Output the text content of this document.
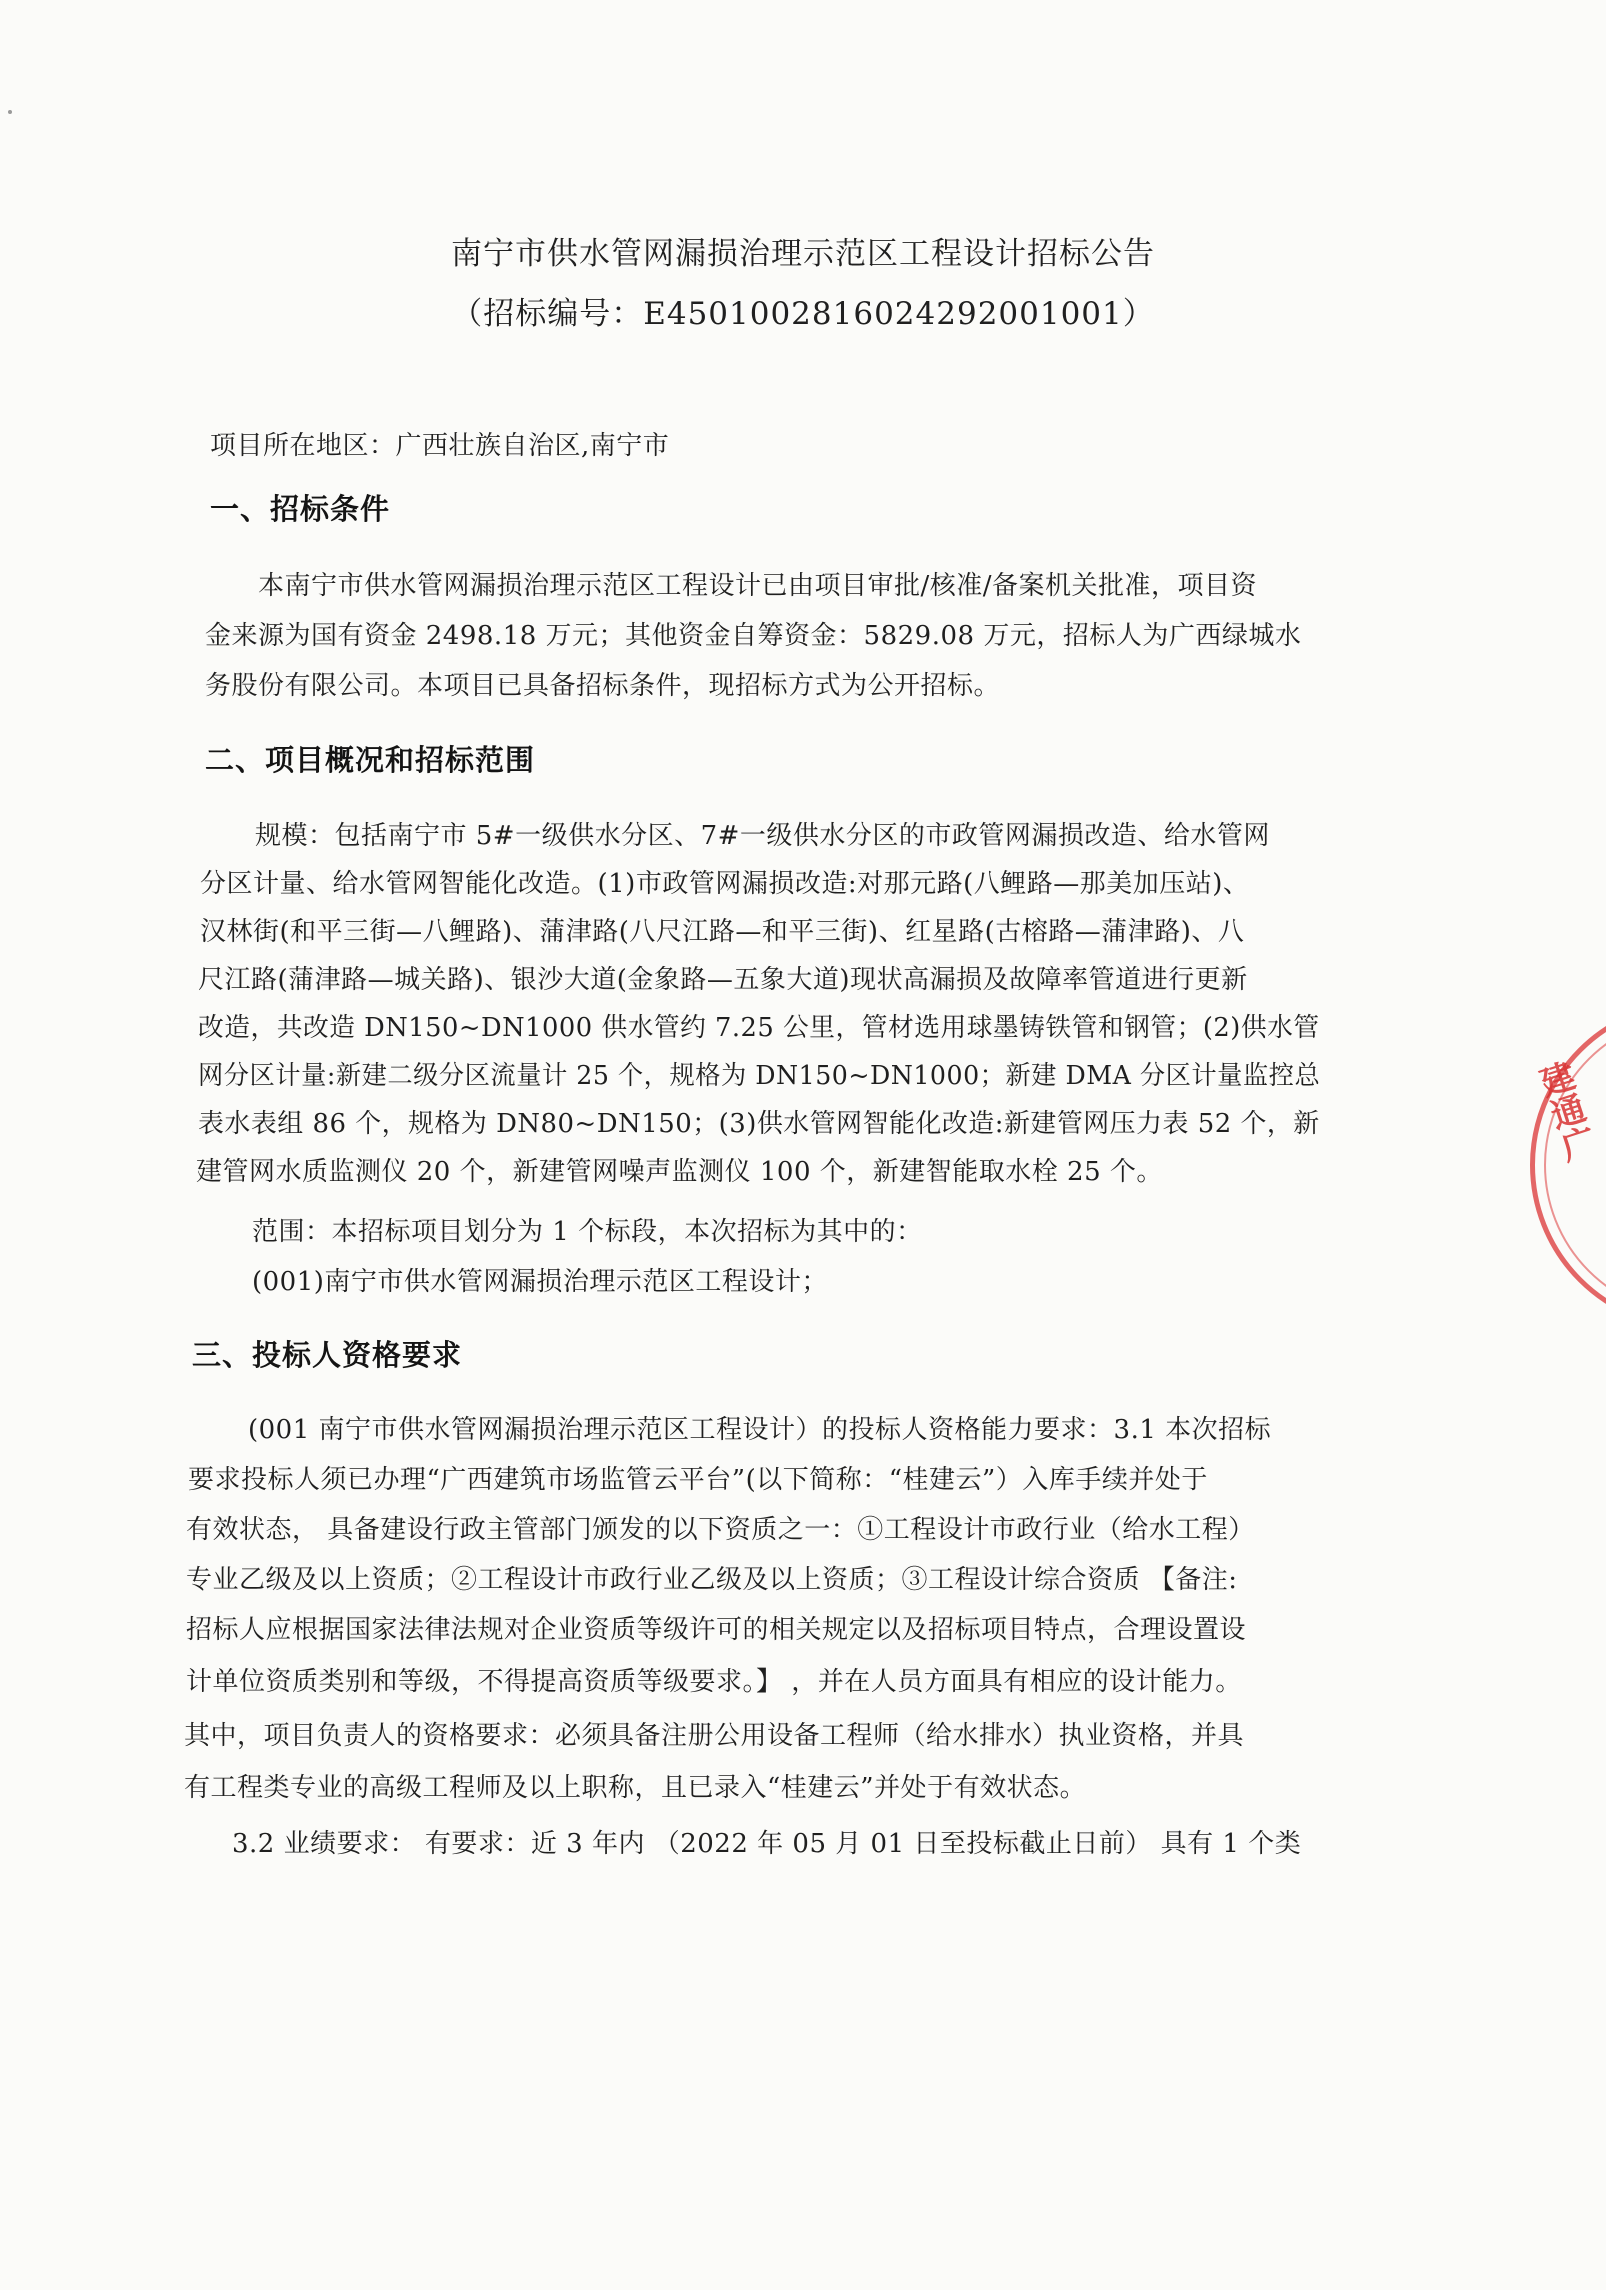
南宁市供水管网漏损治理示范区工程设计招标公告
（招标编号：E4501002816024292001001）
项目所在地区：广西壮族自治区,南宁市
一、招标条件
本南宁市供水管网漏损治理示范区工程设计已由项目审批/核准/备案机关批准，项目资
金来源为国有资金 2498.18 万元；其他资金自筹资金：5829.08 万元，招标人为广西绿城水
务股份有限公司。本项目已具备招标条件，现招标方式为公开招标。
二、项目概况和招标范围
规模：包括南宁市 5#一级供水分区、7#一级供水分区的市政管网漏损改造、给水管网
分区计量、给水管网智能化改造。(1)市政管网漏损改造:对那元路(八鲤路—那美加压站)、
汉林街(和平三街—八鲤路)、蒲津路(八尺江路—和平三街)、红星路(古榕路—蒲津路)、八
尺江路(蒲津路—城关路)、银沙大道(金象路—五象大道)现状高漏损及故障率管道进行更新
改造，共改造 DN150~DN1000 供水管约 7.25 公里，管材选用球墨铸铁管和钢管；(2)供水管
网分区计量:新建二级分区流量计 25 个，规格为 DN150~DN1000；新建 DMA 分区计量监控总
表水表组 86 个，规格为 DN80~DN150；(3)供水管网智能化改造:新建管网压力表 52 个，新
建管网水质监测仪 20 个，新建管网噪声监测仪 100 个，新建智能取水栓 25 个。
范围：本招标项目划分为 1 个标段，本次招标为其中的：
(001)南宁市供水管网漏损治理示范区工程设计；
三、投标人资格要求
(001 南宁市供水管网漏损治理示范区工程设计）的投标人资格能力要求：3.1 本次招标
要求投标人须已办理“广西建筑市场监管云平台”(以下简称：“桂建云”）入库手续并处于
有效状态， 具备建设行政主管部门颁发的以下资质之一：①工程设计市政行业（给水工程）
专业乙级及以上资质；②工程设计市政行业乙级及以上资质；③工程设计综合资质 【备注:
招标人应根据国家法律法规对企业资质等级许可的相关规定以及招标项目特点，合理设置设
计单位资质类别和等级，不得提高资质等级要求。】 ，并在人员方面具有相应的设计能力。
其中，项目负责人的资格要求：必须具备注册公用设备工程师（给水排水）执业资格，并具
有工程类专业的高级工程师及以上职称，且已录入“桂建云”并处于有效状态。
3.2 业绩要求： 有要求：近 3 年内 （2022 年 05 月 01 日至投标截止日前） 具有 1 个类
建通广
